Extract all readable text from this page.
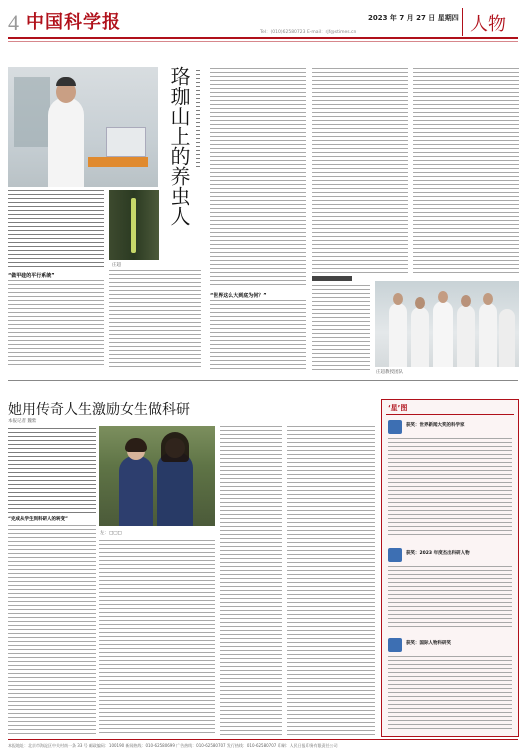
4 中国科学报	2023 年 7 月 27 日 星期四
Tel：(010)62580723 E-mail：rjf@stimes.cn	人物
珞珈山上的养虫人
庄超
“做甲硅的平行系统”
“世界这么大到底为何？”
庄超教授团队
她用传奇人生激励女生做科研
本报记者 魏紫
“完成从学生到科研人的转变”
左：□□□
‘星’图
获奖：世界新闻大奖的科学家
获奖：2023 年度杰出科研人物
获奖：国际人物科研奖
本报地址：北京市海淀区中关村南一条 33 号 邮政编码：100190 新闻热线：010-62580699 广告热线：010-62580707 发行热线：010-62580707 印刷：人民日报印务有限责任公司
